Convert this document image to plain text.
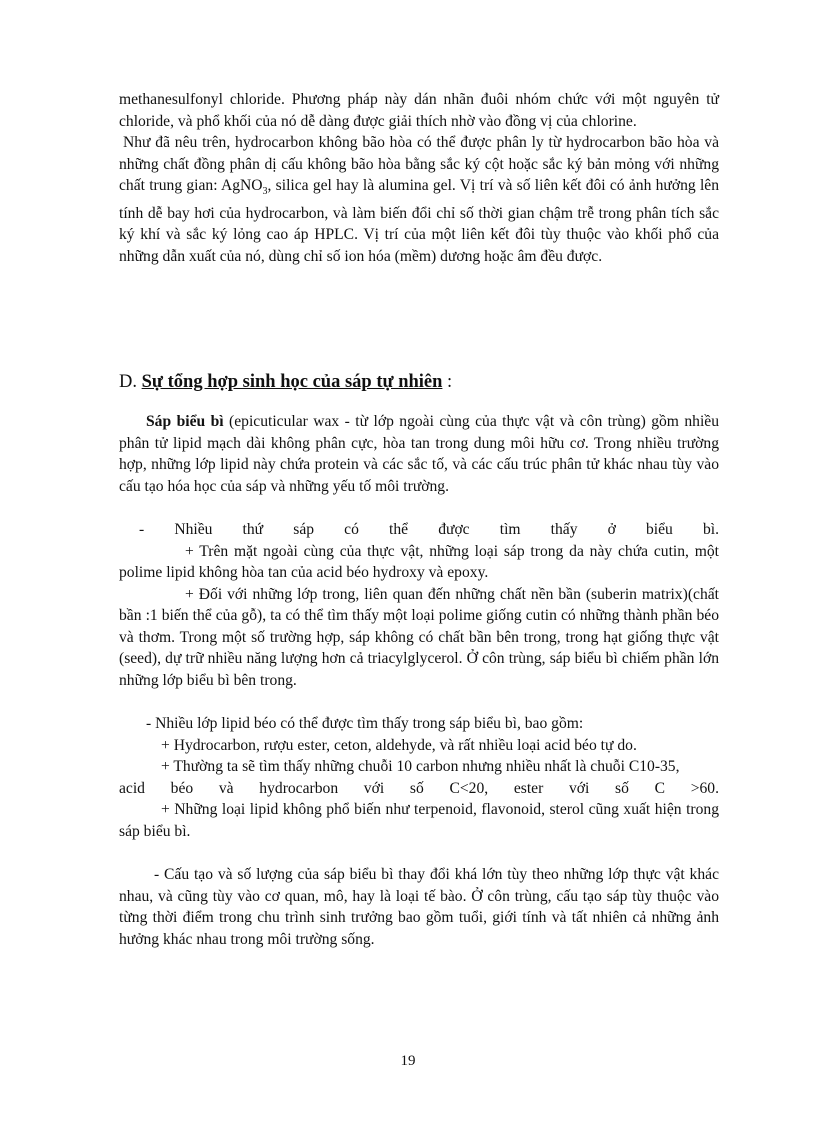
methanesulfonyl chloride. Phương pháp này dán nhãn đuôi nhóm chức với một nguyên tử chloride, và phổ khối của nó dễ dàng được giải thích nhờ vào đồng vị của chlorine.

Như đã nêu trên, hydrocarbon không bão hòa có thể được phân ly từ hydrocarbon bão hòa và những chất đồng phân dị cấu không bão hòa bằng sắc ký cột hoặc sắc ký bản mỏng với những chất trung gian: AgNO$_3$, silica gel hay là alumina gel. Vị trí và số liên kết đôi có ảnh hưởng lên tính dễ bay hơi của hydrocarbon, và làm biến đổi chỉ số thời gian chậm trễ trong phân tích sắc ký khí và sắc ký lỏng cao áp HPLC. Vị trí của một liên kết đôi tùy thuộc vào khối phổ của những dẫn xuất của nó, dùng chỉ số ion hóa (mềm) dương hoặc âm đều được.

D. Sự tổng hợp sinh học của sáp tự nhiên :

Sáp biểu bì (epicuticular wax - từ lớp ngoài cùng của thực vật và côn trùng) gồm nhiều phân tử lipid mạch dài không phân cực, hòa tan trong dung môi hữu cơ. Trong nhiều trường hợp, những lớp lipid này chứa protein và các sắc tố, và các cấu trúc phân tử khác nhau tùy vào cấu tạo hóa học của sáp và những yếu tố môi trường.

- Nhiều thứ sáp có thể được tìm thấy ở biểu bì.

+ Trên mặt ngoài cùng của thực vật, những loại sáp trong da này chứa cutin, một polime lipid không hòa tan của acid béo hydroxy và epoxy.

+ Đối với những lớp trong, liên quan đến những chất nền bần (suberin matrix)(chất bần :1 biến thể của gỗ), ta có thể tìm thấy một loại polime giống cutin có những thành phần béo và thơm. Trong một số trường hợp, sáp không có chất bần bên trong, trong hạt giống thực vật (seed), dự trữ nhiều năng lượng hơn cả triacylglycerol. Ở côn trùng, sáp biểu bì chiếm phần lớn những lớp biểu bì bên trong.

- Nhiều lớp lipid béo có thể được tìm thấy trong sáp biểu bì, bao gồm:

+ Hydrocarbon, rượu ester, ceton, aldehyde, và rất nhiều loại acid béo tự do.

+ Thường ta sẽ tìm thấy những chuỗi 10 carbon nhưng nhiều nhất là chuỗi C10-35,

acid béo và hydrocarbon với số C<20, ester với số C >60.

+ Những loại lipid không phổ biến như terpenoid, flavonoid, sterol cũng xuất hiện trong sáp biểu bì.

- Cấu tạo và số lượng của sáp biểu bì thay đổi khá lớn tùy theo những lớp thực vật khác nhau, và cũng tùy vào cơ quan, mô, hay là loại tế bào. Ở côn trùng, cấu tạo sáp tùy thuộc vào từng thời điểm trong chu trình sinh trưởng bao gồm tuổi, giới tính và tất nhiên cả những ảnh hưởng khác nhau trong môi trường sống.

19
